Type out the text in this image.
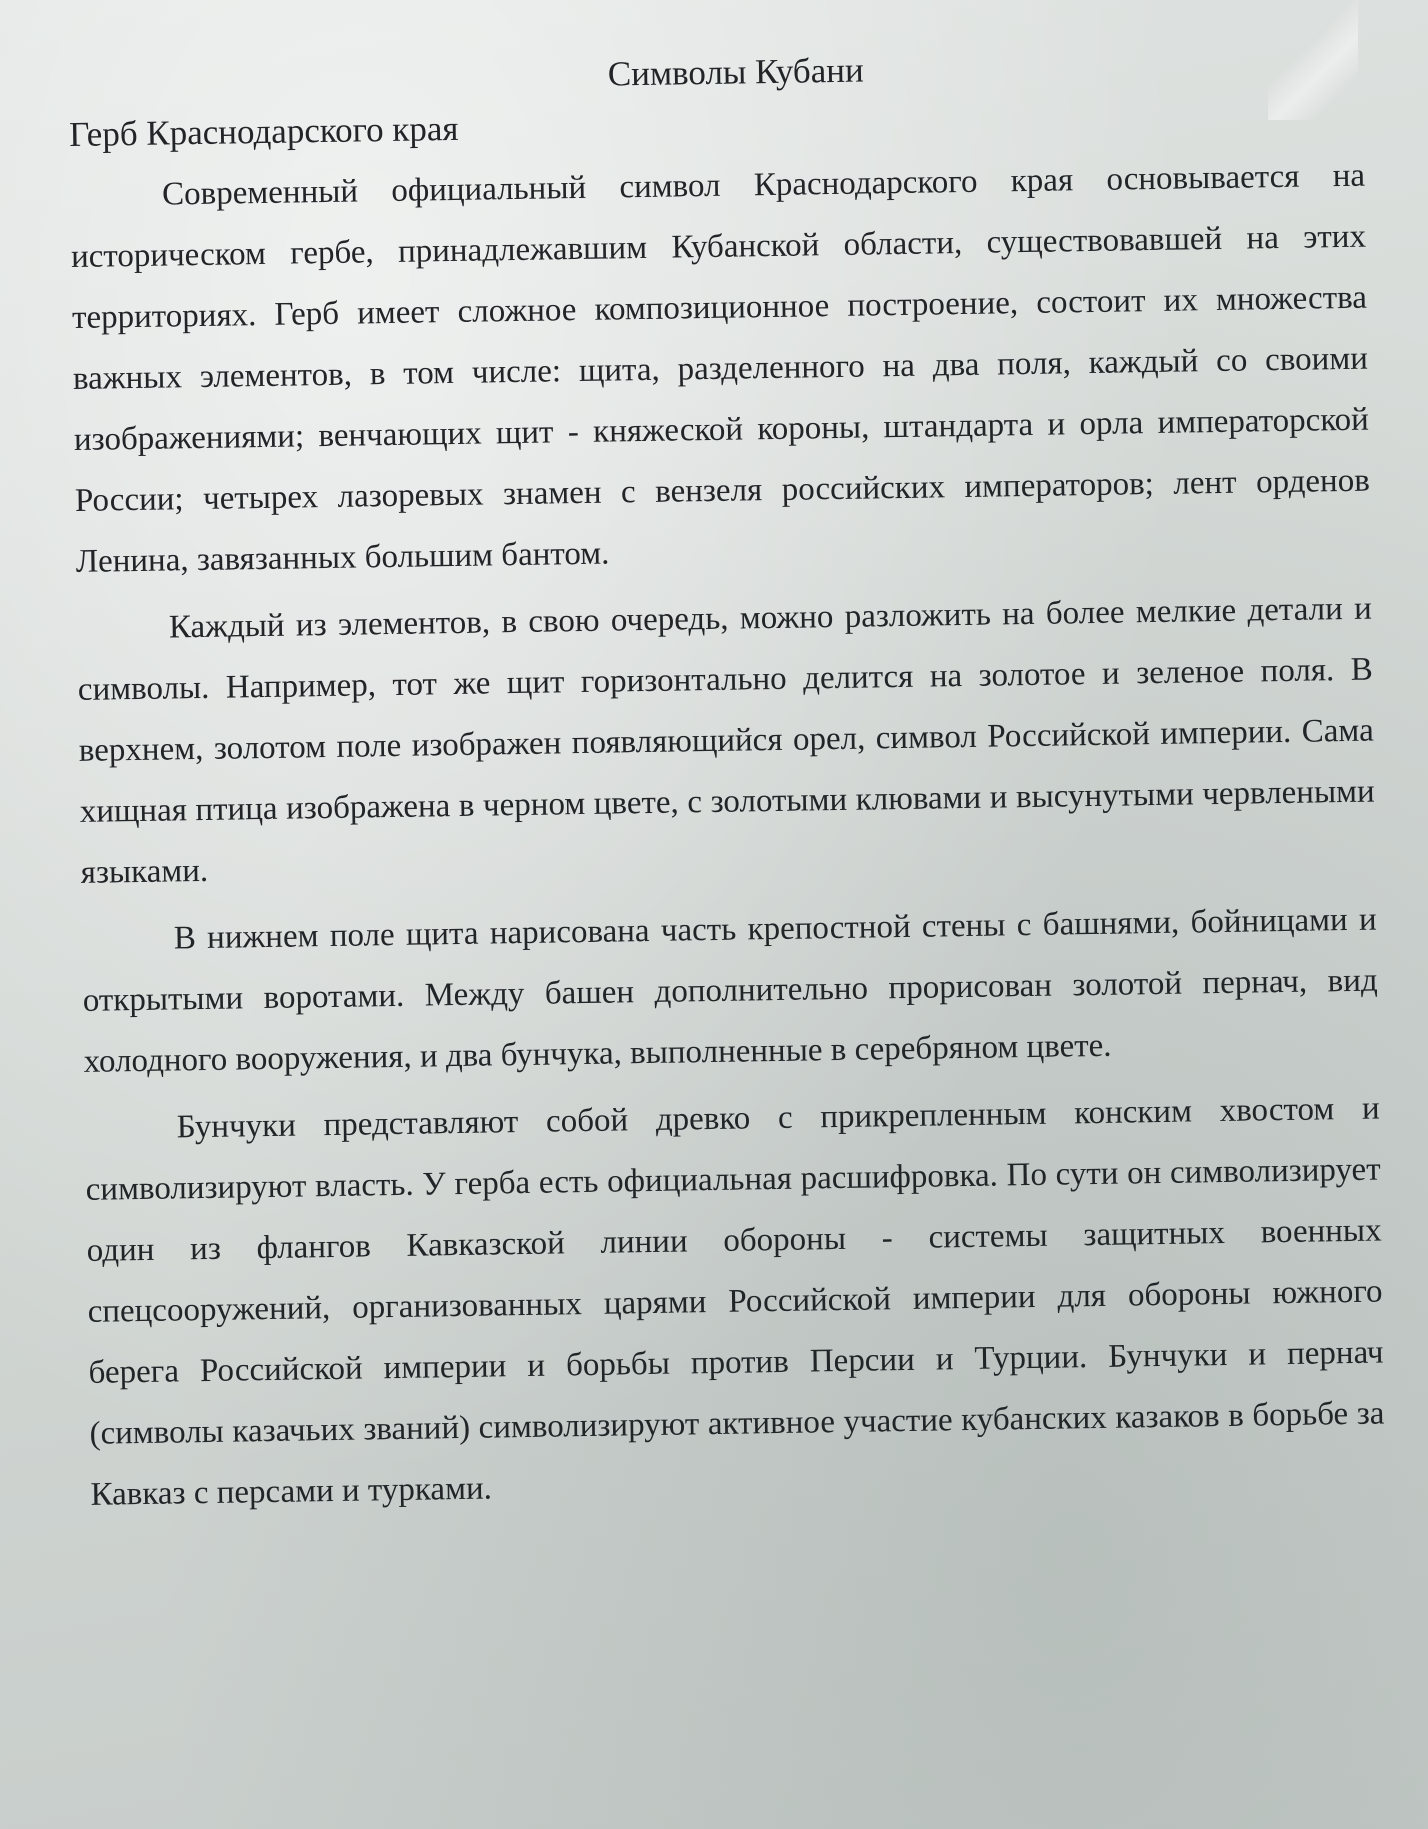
Символы Кубани
Герб Краснодарского края

Современный официальный символ Краснодарского края основывается на историческом гербе, принадлежавшим Кубанской области, существовавшей на этих территориях. Герб имеет сложное композиционное построение, состоит их множества важных элементов, в том числе: щита, разделенного на два поля, каждый со своими изображениями; венчающих щит - княжеской короны, штандарта и орла императорской России; четырех лазоревых знамен с вензеля российских императоров; лент орденов Ленина, завязанных большим бантом.

Каждый из элементов, в свою очередь, можно разложить на более мелкие детали и символы. Например, тот же щит горизонтально делится на золотое и зеленое поля. В верхнем, золотом поле изображен появляющийся орел, символ Российской империи. Сама хищная птица изображена в черном цвете, с золотыми клювами и высунутыми червлеными языками.

В нижнем поле щита нарисована часть крепостной стены с башнями, бойницами и открытыми воротами. Между башен дополнительно прорисован золотой пернач, вид холодного вооружения, и два бунчука, выполненные в серебряном цвете.

Бунчуки представляют собой древко с прикрепленным конским хвостом и символизируют власть. У герба есть официальная расшифровка. По сути он символизирует один из флангов Кавказской линии обороны - системы защитных военных спецсооружений, организованных царями Российской империи для обороны южного берега Российской империи и борьбы против Персии и Турции. Бунчуки и пернач (символы казачьих званий) символизируют активное участие кубанских казаков в борьбе за Кавказ с персами и турками.
